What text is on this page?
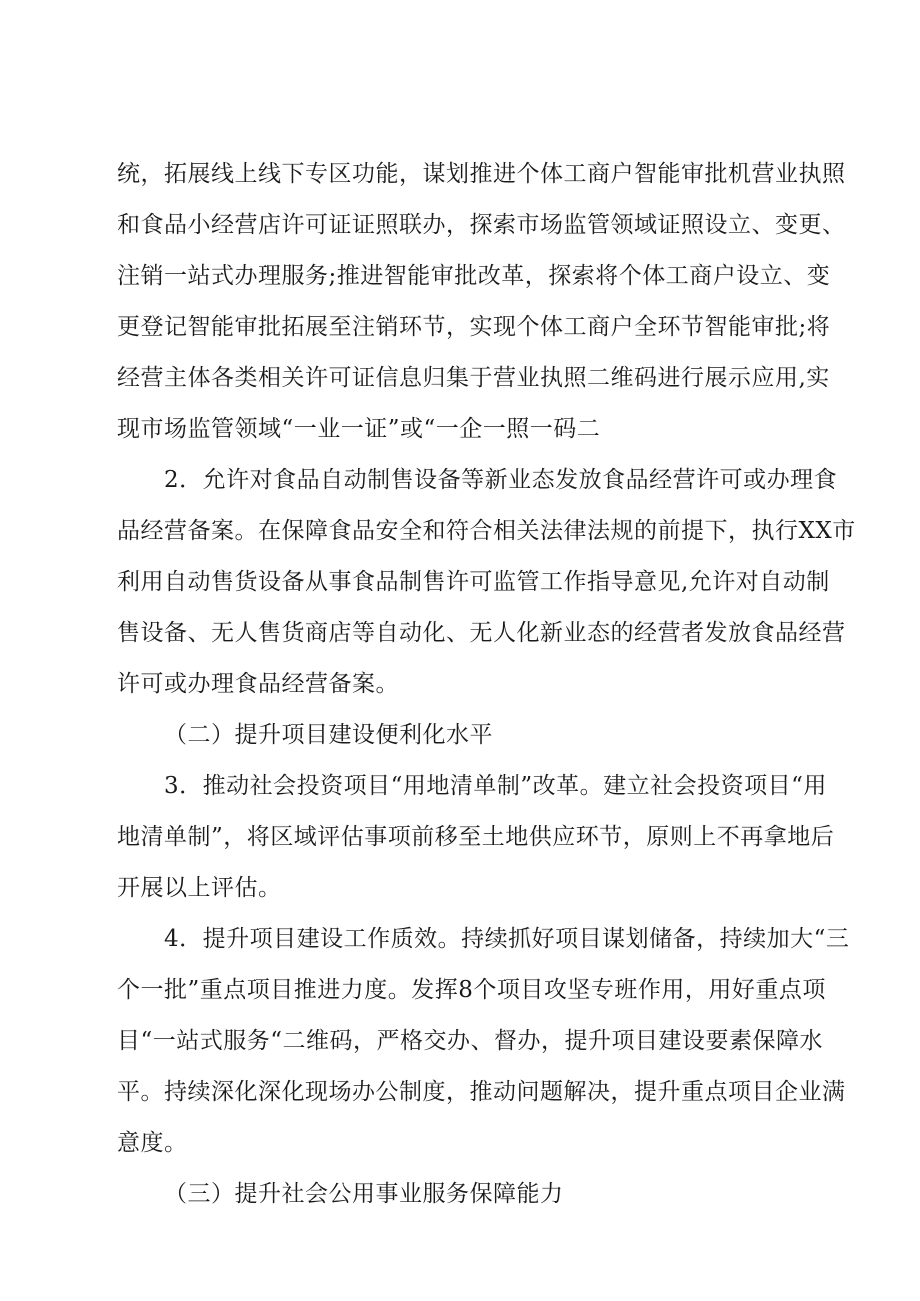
统，拓展线上线下专区功能，谋划推进个体工商户智能审批机营业执照
和食品小经营店许可证证照联办，探索市场监管领域证照设立、变更、
注销一站式办理服务;推进智能审批改革，探索将个体工商户设立、变
更登记智能审批拓展至注销环节，实现个体工商户全环节智能审批;将
经营主体各类相关许可证信息归集于营业执照二维码进行展示应用,实
现市场监管领域“一业一证”或“一企一照一码二
2．允许对食品自动制售设备等新业态发放食品经营许可或办理食
品经营备案。在保障食品安全和符合相关法律法规的前提下，执行XX市
利用自动售货设备从事食品制售许可监管工作指导意见,允许对自动制
售设备、无人售货商店等自动化、无人化新业态的经营者发放食品经营
许可或办理食品经营备案。
（二）提升项目建设便利化水平
3．推动社会投资项目“用地清单制”改革。建立社会投资项目“用
地清单制”，将区域评估事项前移至土地供应环节，原则上不再拿地后
开展以上评估。
4．提升项目建设工作质效。持续抓好项目谋划储备，持续加大“三
个一批”重点项目推进力度。发挥8个项目攻坚专班作用，用好重点项
目“一站式服务“二维码，严格交办、督办，提升项目建设要素保障水
平。持续深化深化现场办公制度，推动问题解决，提升重点项目企业满
意度。
（三）提升社会公用事业服务保障能力
